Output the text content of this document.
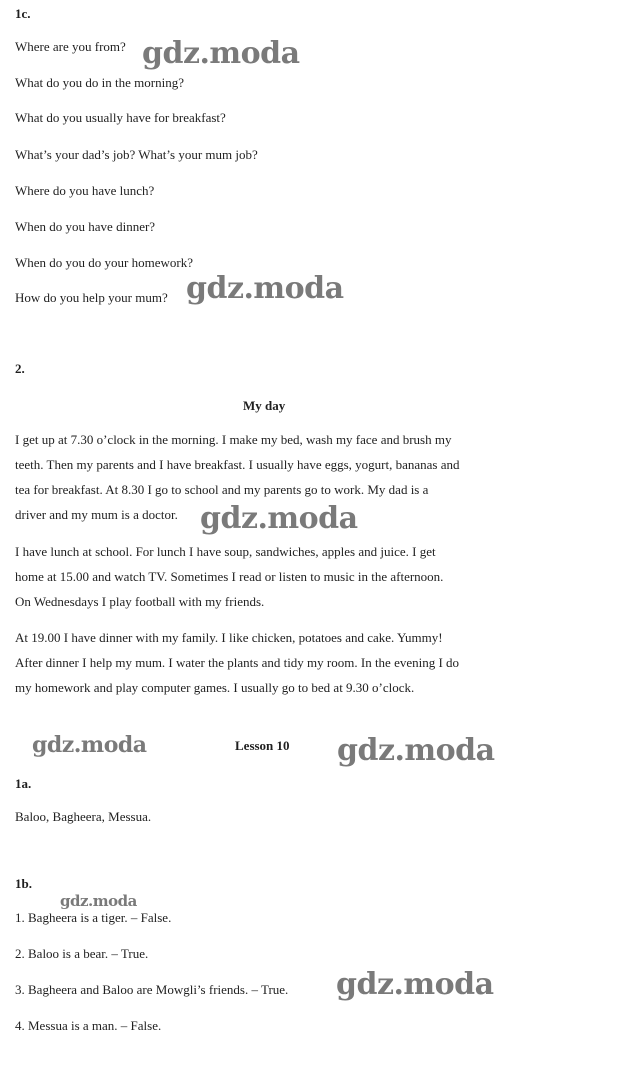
1c.
Where are you from?
What do you do in the morning?
What do you usually have for breakfast?
What’s your dad’s job? What’s your mum job?
Where do you have lunch?
When do you have dinner?
When do you do your homework?
How do you help your mum?
2.
My day
I get up at 7.30 o’clock in the morning. I make my bed, wash my face and brush my
teeth. Then my parents and I have breakfast. I usually have eggs, yogurt, bananas and
tea for breakfast. At 8.30 I go to school and my parents go to work. My dad is a
driver and my mum is a doctor.
I have lunch at school. For lunch I have soup, sandwiches, apples and juice. I get
home at 15.00 and watch TV. Sometimes I read or listen to music in the afternoon.
On Wednesdays I play football with my friends.
At 19.00 I have dinner with my family. I like chicken, potatoes and cake. Yummy!
After dinner I help my mum. I water the plants and tidy my room. In the evening I do
my homework and play computer games. I usually go to bed at 9.30 o’clock.
Lesson 10
1a.
Baloo, Bagheera, Messua.
1b.
1. Bagheera is a tiger. – False.
2. Baloo is a bear. – True.
3. Bagheera and Baloo are Mowgli’s friends. – True.
4. Messua is a man. – False.
gdz.moda
gdz.moda
gdz.moda
gdz.moda	gdz.moda
gdz.moda
gdz.moda
